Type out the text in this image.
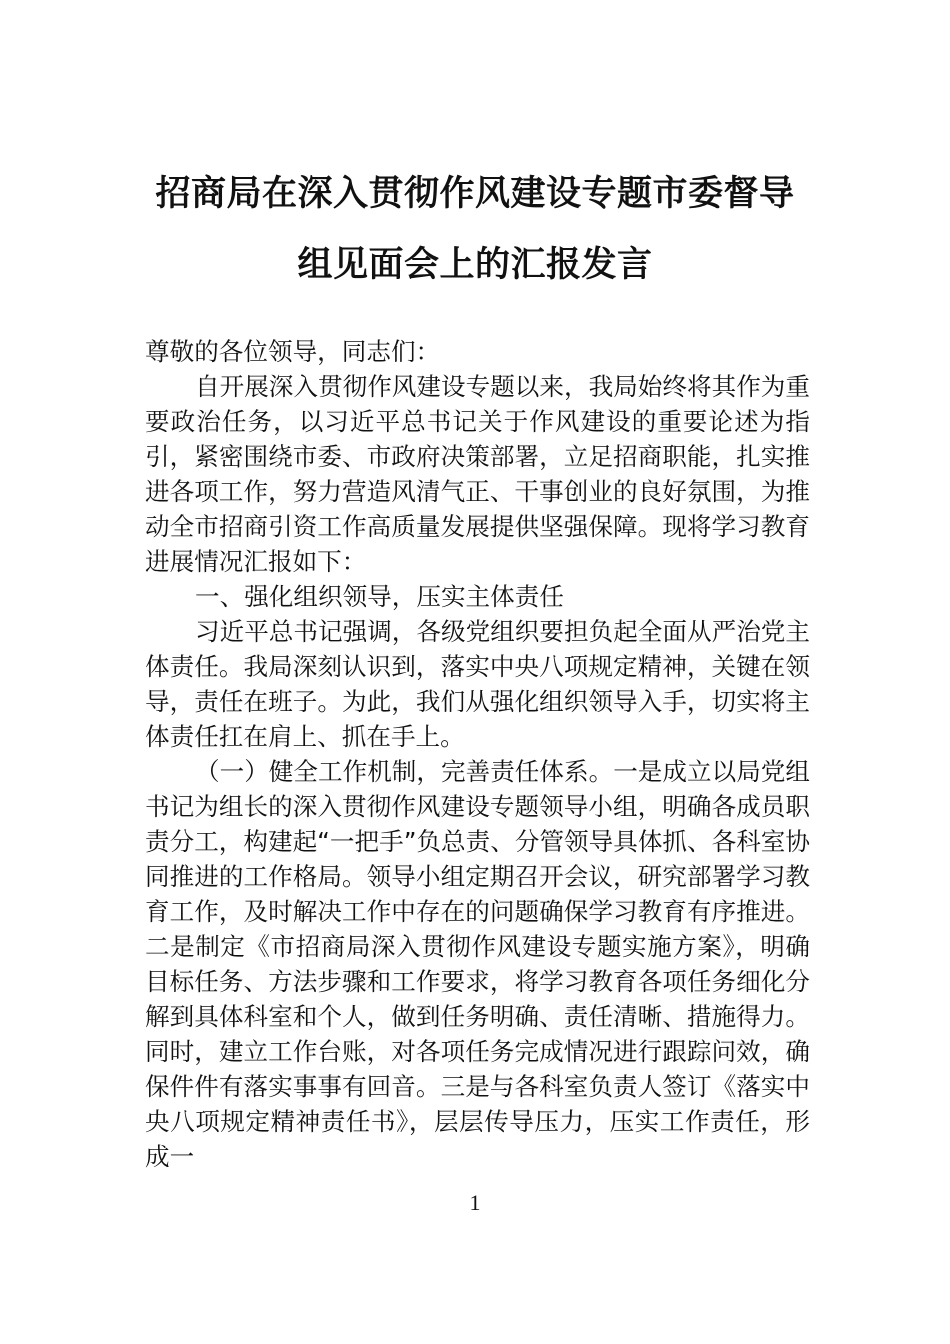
招商局在深入贯彻作风建设专题市委督导
组见面会上的汇报发言

尊敬的各位领导，同志们：

自开展深入贯彻作风建设专题以来，我局始终将其作为重要政治任务，以习近平总书记关于作风建设的重要论述为指引，紧密围绕市委、市政府决策部署，立足招商职能，扎实推进各项工作，努力营造风清气正、干事创业的良好氛围，为推动全市招商引资工作高质量发展提供坚强保障。现将学习教育进展情况汇报如下：

一、强化组织领导，压实主体责任

习近平总书记强调，各级党组织要担负起全面从严治党主体责任。我局深刻认识到，落实中央八项规定精神，关键在领导，责任在班子。为此，我们从强化组织领导入手，切实将主体责任扛在肩上、抓在手上。

（一）健全工作机制，完善责任体系。一是成立以局党组书记为组长的深入贯彻作风建设专题领导小组，明确各成员职责分工，构建起“一把手”负总责、分管领导具体抓、各科室协同推进的工作格局。领导小组定期召开会议，研究部署学习教育工作，及时解决工作中存在的问题确保学习教育有序推进。二是制定《市招商局深入贯彻作风建设专题实施方案》，明确目标任务、方法步骤和工作要求，将学习教育各项任务细化分解到具体科室和个人，做到任务明确、责任清晰、措施得力。同时，建立工作台账，对各项任务完成情况进行跟踪问效，确保件件有落实事事有回音。三是与各科室负责人签订《落实中央八项规定精神责任书》，层层传导压力，压实工作责任，形成一

1
